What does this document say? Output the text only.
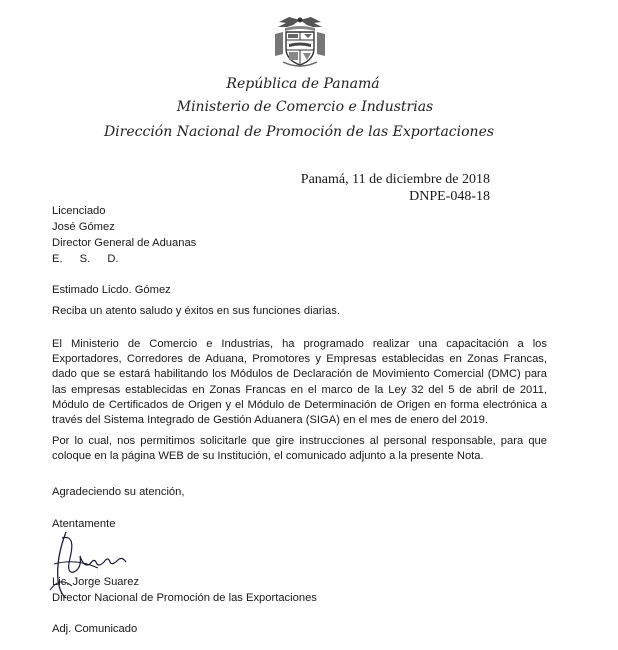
República de Panamá
Ministerio de Comercio e Industrias
Dirección Nacional de Promoción de las Exportaciones
Panamá, 11 de diciembre de 2018
DNPE-048-18
Licenciado
José Gómez
Director General de Aduanas
E. S. D.
Estimado Licdo. Gómez
Reciba un atento saludo y éxitos en sus funciones diarias.
El Ministerio de Comercio e Industrias, ha programado realizar una capacitación a los Exportadores, Corredores de Aduana, Promotores y Empresas establecidas en Zonas Francas, dado que se estará habilitando los Módulos de Declaración de Movimiento Comercial (DMC) para las empresas establecidas en Zonas Francas en el marco de la Ley 32 del 5 de abril de 2011, Módulo de Certificados de Origen y el Módulo de Determinación de Origen en forma electrónica a través del Sistema Integrado de Gestión Aduanera (SIGA) en el mes de enero del 2019.
Por lo cual, nos permitimos solicitarle que gire instrucciones al personal responsable, para que coloque en la página WEB de su Institución, el comunicado adjunto a la presente Nota.
Agradeciendo su atención,
Atentamente
Lic. Jorge Suarez
Director Nacional de Promoción de las Exportaciones
Adj. Comunicado
